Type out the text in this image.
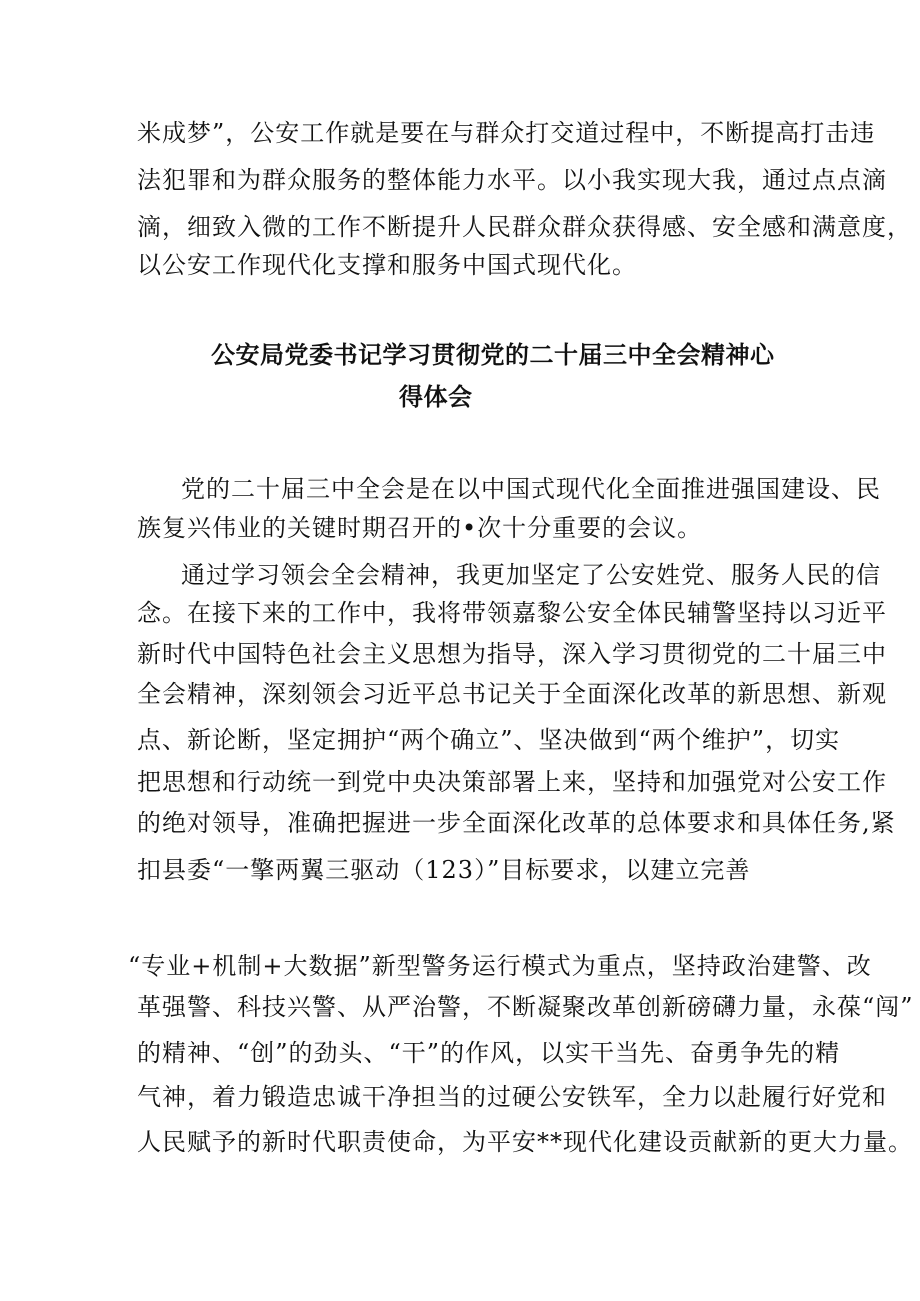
米成梦”，公安工作就是要在与群众打交道过程中，不断提高打击违
法犯罪和为群众服务的整体能力水平。以小我实现大我，通过点点滴
滴，细致入微的工作不断提升人民群众群众获得感、安全感和满意度，
以公安工作现代化支撑和服务中国式现代化。
公安局党委书记学习贯彻党的二十届三中全会精神心
得体会
党的二十届三中全会是在以中国式现代化全面推进强国建设、民
族复兴伟业的关键时期召开的•次十分重要的会议。
通过学习领会全会精神，我更加坚定了公安姓党、服务人民的信
念。在接下来的工作中，我将带领嘉黎公安全体民辅警坚持以习近平
新时代中国特色社会主义思想为指导，深入学习贯彻党的二十届三中
全会精神，深刻领会习近平总书记关于全面深化改革的新思想、新观
点、新论断，坚定拥护“两个确立”、坚决做到“两个维护”，切实
把思想和行动统一到党中央决策部署上来，坚持和加强党对公安工作
的绝对领导，准确把握进一步全面深化改革的总体要求和具体任务,紧
扣县委“一擎两翼三驱动（123）”目标要求，以建立完善
“专业+机制+大数据”新型警务运行模式为重点，坚持政治建警、改
革强警、科技兴警、从严治警，不断凝聚改革创新磅礴力量，永葆“闯”
的精神、“创”的劲头、“干”的作风，以实干当先、奋勇争先的精
气神，着力锻造忠诚干净担当的过硬公安铁军，全力以赴履行好党和
人民赋予的新时代职责使命，为平安**现代化建设贡献新的更大力量。
